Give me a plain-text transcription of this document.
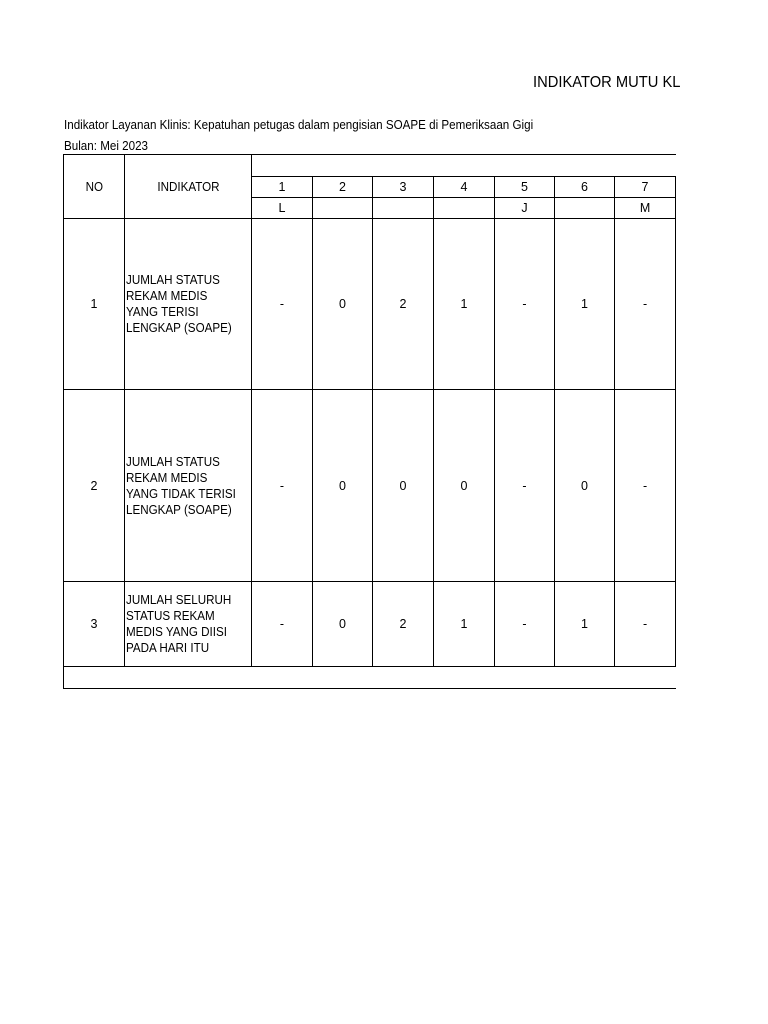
INDIKATOR MUTU KL
Indikator Layanan Klinis: Kepatuhan petugas dalam pengisian SOAPE di Pemeriksaan Gigi
Bulan: Mei 2023
NO	INDIKATOR							
		1	2	3	4	5	6	7
		L				J		M
1	JUMLAH STATUS REKAM MEDIS YANG TERISI LENGKAP (SOAPE)	-	0	2	1	-	1	-
2	JUMLAH STATUS REKAM MEDIS YANG TIDAK TERISI LENGKAP (SOAPE)	-	0	0	0	-	0	-
3	JUMLAH SELURUH STATUS REKAM MEDIS YANG DIISI PADA HARI ITU	-	0	2	1	-	1	-
